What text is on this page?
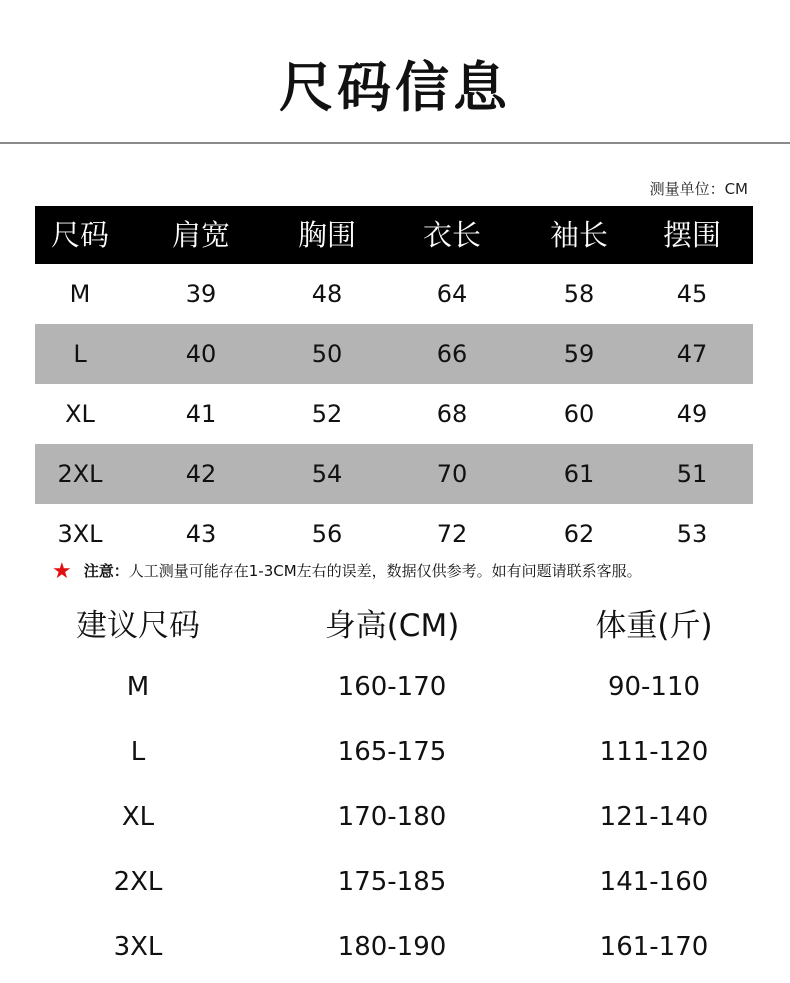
尺码信息
测量单位：CM
尺码	肩宽	胸围	衣长	袖长	摆围
M	39	48	64	58	45
L	40	50	66	59	47
XL	41	52	68	60	49
2XL	42	54	70	61	51
3XL	43	56	72	62	53
★ 注意：人工测量可能存在1-3CM左右的误差，数据仅供参考。如有问题请联系客服。
建议尺码	身高(CM)	体重(斤)
M	160-170	90-110
L	165-175	111-120
XL	170-180	121-140
2XL	175-185	141-160
3XL	180-190	161-170
